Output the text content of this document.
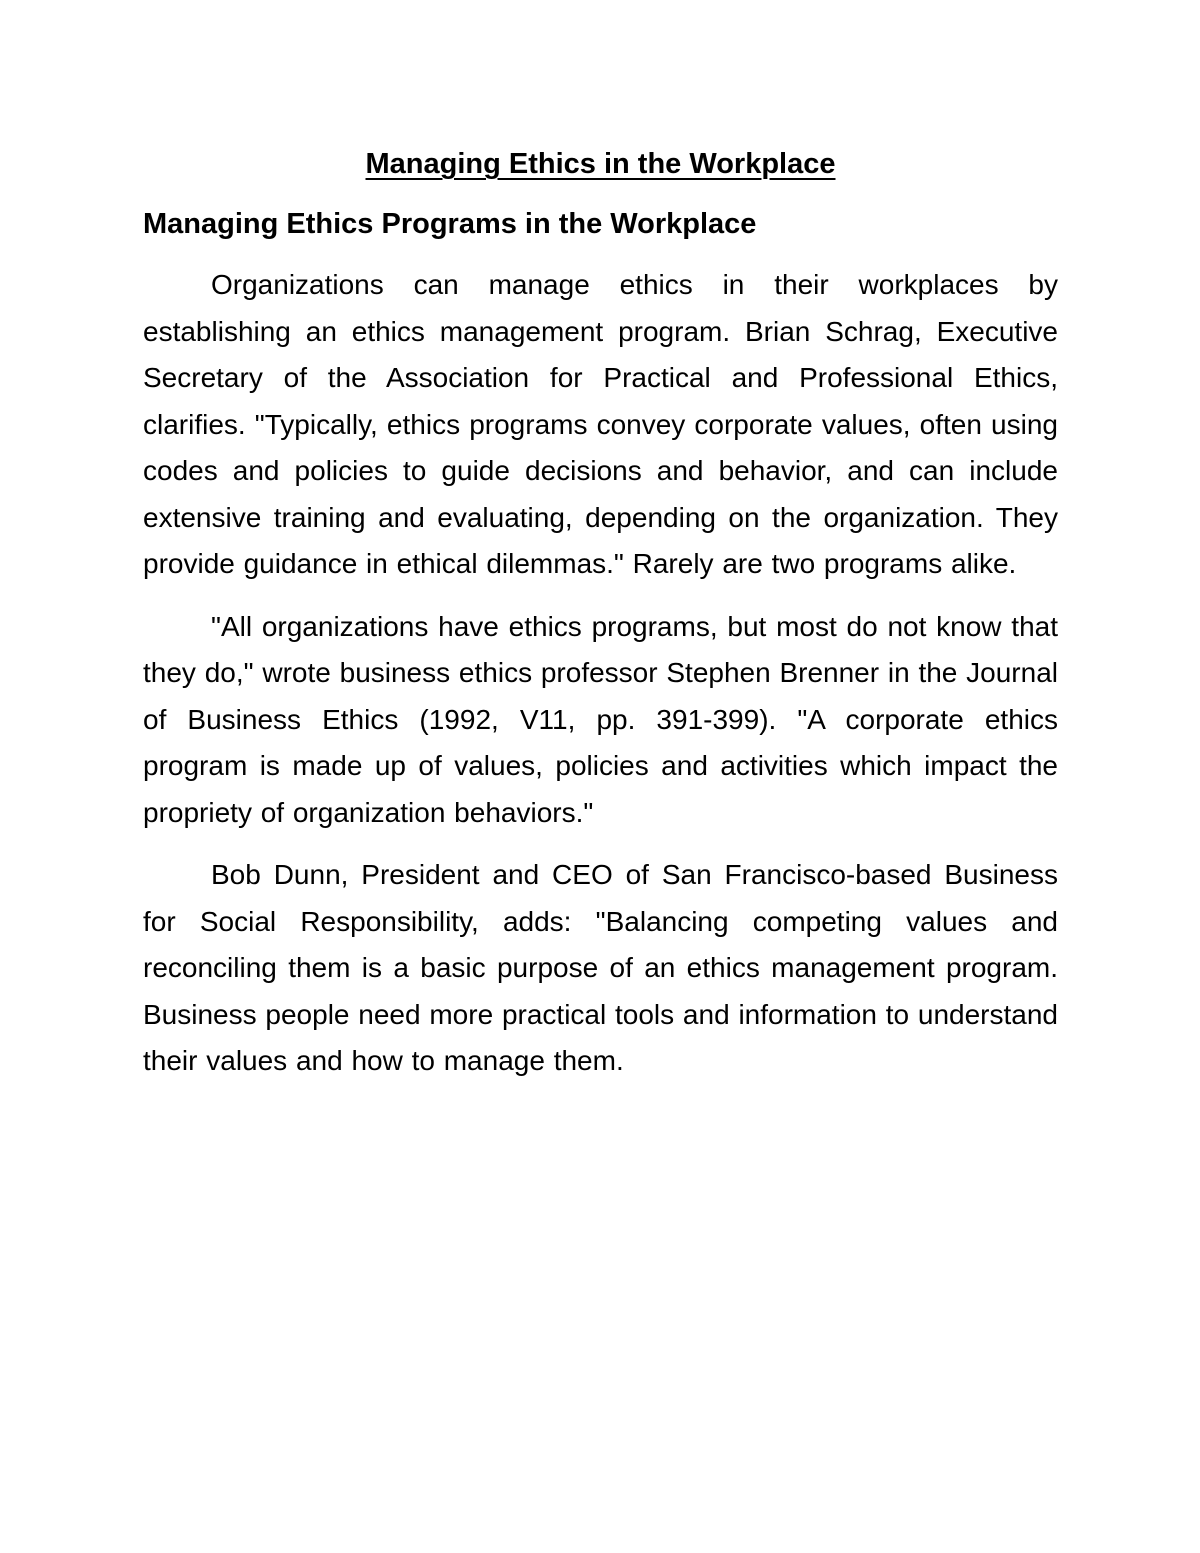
Managing Ethics in the Workplace
Managing Ethics Programs in the Workplace

Organizations can manage ethics in their workplaces by establishing an ethics management program. Brian Schrag, Executive Secretary of the Association for Practical and Professional Ethics, clarifies. "Typically, ethics programs convey corporate values, often using codes and policies to guide decisions and behavior, and can include extensive training and evaluating, depending on the organization. They provide guidance in ethical dilemmas." Rarely are two programs alike.

"All organizations have ethics programs, but most do not know that they do," wrote business ethics professor Stephen Brenner in the Journal of Business Ethics (1992, V11, pp. 391-399). "A corporate ethics program is made up of values, policies and activities which impact the propriety of organization behaviors."

Bob Dunn, President and CEO of San Francisco-based Business for Social Responsibility, adds: "Balancing competing values and reconciling them is a basic purpose of an ethics management program. Business people need more practical tools and information to understand their values and how to manage them.
